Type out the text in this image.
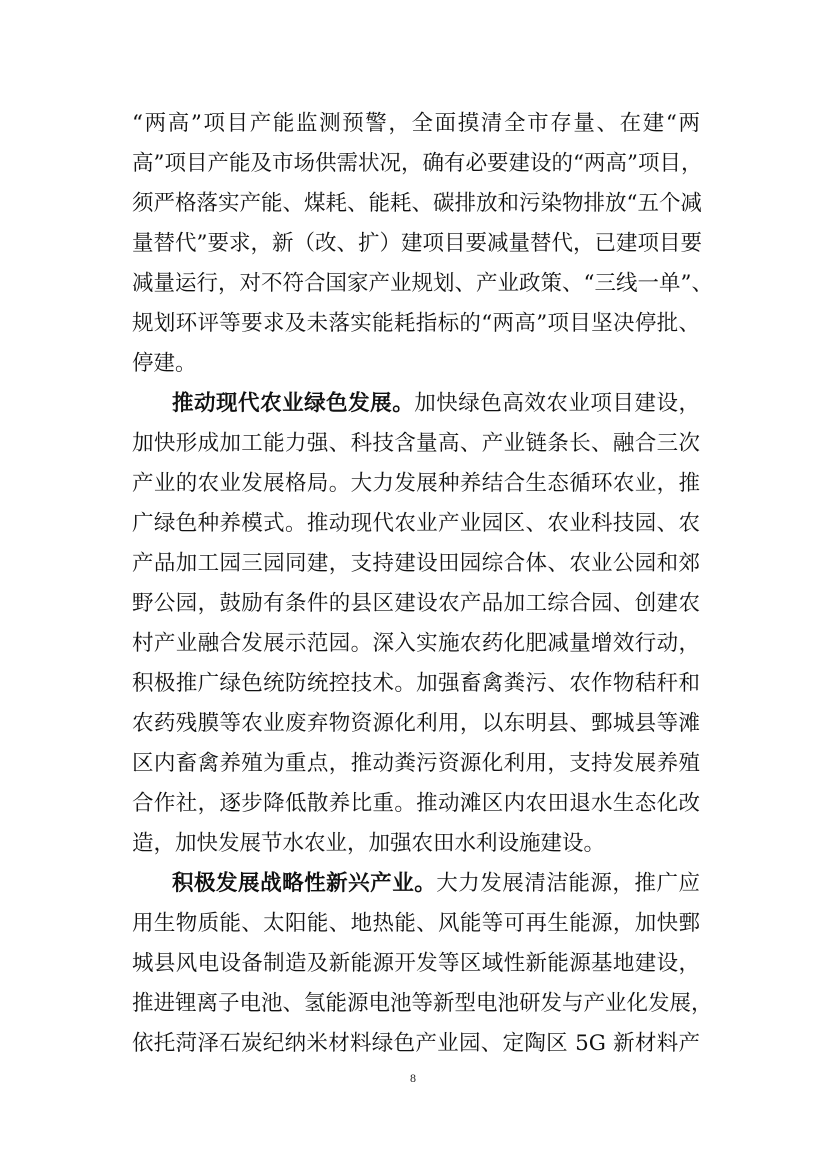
“两高”项目产能监测预警，全面摸清全市存量、在建“两
高”项目产能及市场供需状况，确有必要建设的“两高”项目，
须严格落实产能、煤耗、能耗、碳排放和污染物排放“五个减
量替代”要求，新（改、扩）建项目要减量替代，已建项目要
减量运行，对不符合国家产业规划、产业政策、“三线一单”、
规划环评等要求及未落实能耗指标的“两高”项目坚决停批、
停建。
推动现代农业绿色发展。加快绿色高效农业项目建设，
加快形成加工能力强、科技含量高、产业链条长、融合三次
产业的农业发展格局。大力发展种养结合生态循环农业，推
广绿色种养模式。推动现代农业产业园区、农业科技园、农
产品加工园三园同建，支持建设田园综合体、农业公园和郊
野公园，鼓励有条件的县区建设农产品加工综合园、创建农
村产业融合发展示范园。深入实施农药化肥减量增效行动，
积极推广绿色统防统控技术。加强畜禽粪污、农作物秸秆和
农药残膜等农业废弃物资源化利用，以东明县、鄄城县等滩
区内畜禽养殖为重点，推动粪污资源化利用，支持发展养殖
合作社，逐步降低散养比重。推动滩区内农田退水生态化改
造，加快发展节水农业，加强农田水利设施建设。
积极发展战略性新兴产业。大力发展清洁能源，推广应
用生物质能、太阳能、地热能、风能等可再生能源，加快鄄
城县风电设备制造及新能源开发等区域性新能源基地建设，
推进锂离子电池、氢能源电池等新型电池研发与产业化发展，
依托菏泽石炭纪纳米材料绿色产业园、定陶区 5G 新材料产
8
